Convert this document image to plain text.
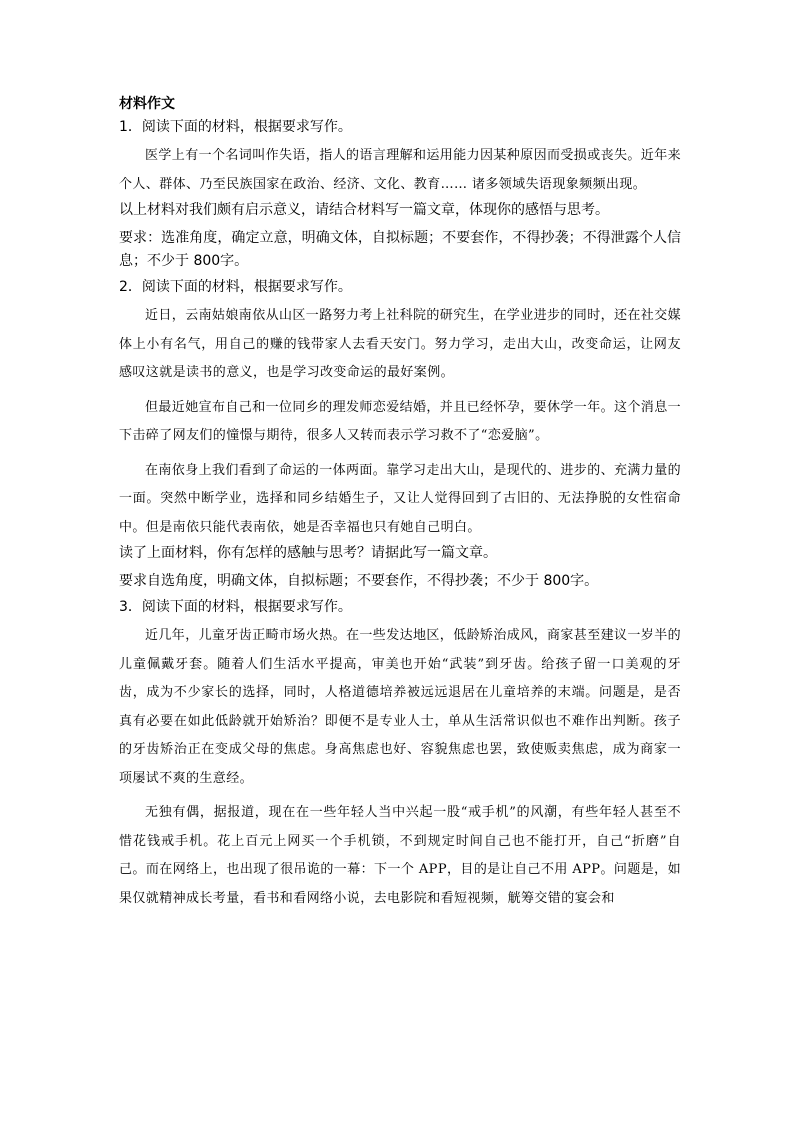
材料作文
1．阅读下面的材料，根据要求写作。

医学上有一个名词叫作失语，指人的语言理解和运用能力因某种原因而受损或丧失。近年来个人、群体、乃至民族国家在政治、经济、文化、教育…… 诸多领域失语现象频频出现。

以上材料对我们颇有启示意义，请结合材料写一篇文章，体现你的感悟与思考。

要求：选准角度，确定立意，明确文体，自拟标题；不要套作，不得抄袭；不得泄露个人信息；不少于 800字。

2．阅读下面的材料，根据要求写作。

近日，云南姑娘南依从山区一路努力考上社科院的研究生，在学业进步的同时，还在社交媒体上小有名气，用自己的赚的钱带家人去看天安门。努力学习，走出大山，改变命运，让网友感叹这就是读书的意义，也是学习改变命运的最好案例。

但最近她宣布自己和一位同乡的理发师恋爱结婚，并且已经怀孕，要休学一年。这个消息一下击碎了网友们的憧憬与期待，很多人又转而表示学习救不了“恋爱脑”。

在南依身上我们看到了命运的一体两面。靠学习走出大山，是现代的、进步的、充满力量的一面。突然中断学业，选择和同乡结婚生子，又让人觉得回到了古旧的、无法挣脱的女性宿命中。但是南依只能代表南依，她是否幸福也只有她自己明白。

读了上面材料，你有怎样的感触与思考？请据此写一篇文章。

要求自选角度，明确文体，自拟标题；不要套作，不得抄袭；不少于 800字。

3．阅读下面的材料，根据要求写作。

近几年，儿童牙齿正畸市场火热。在一些发达地区，低龄矫治成风，商家甚至建议一岁半的儿童佩戴牙套。随着人们生活水平提高，审美也开始“武装”到牙齿。给孩子留一口美观的牙齿，成为不少家长的选择，同时，人格道德培养被远远退居在儿童培养的末端。问题是，是否真有必要在如此低龄就开始矫治？即便不是专业人士，单从生活常识似也不难作出判断。孩子的牙齿矫治正在变成父母的焦虑。身高焦虑也好、容貌焦虑也罢，致使贩卖焦虑，成为商家一项屡试不爽的生意经。

无独有偶，据报道，现在在一些年轻人当中兴起一股“戒手机”的风潮，有些年轻人甚至不惜花钱戒手机。花上百元上网买一个手机锁，不到规定时间自己也不能打开，自己“折磨”自己。而在网络上，也出现了很吊诡的一幕：下一个 APP，目的是让自己不用 APP。问题是，如果仅就精神成长考量，看书和看网络小说，去电影院和看短视频，觥筹交错的宴会和
